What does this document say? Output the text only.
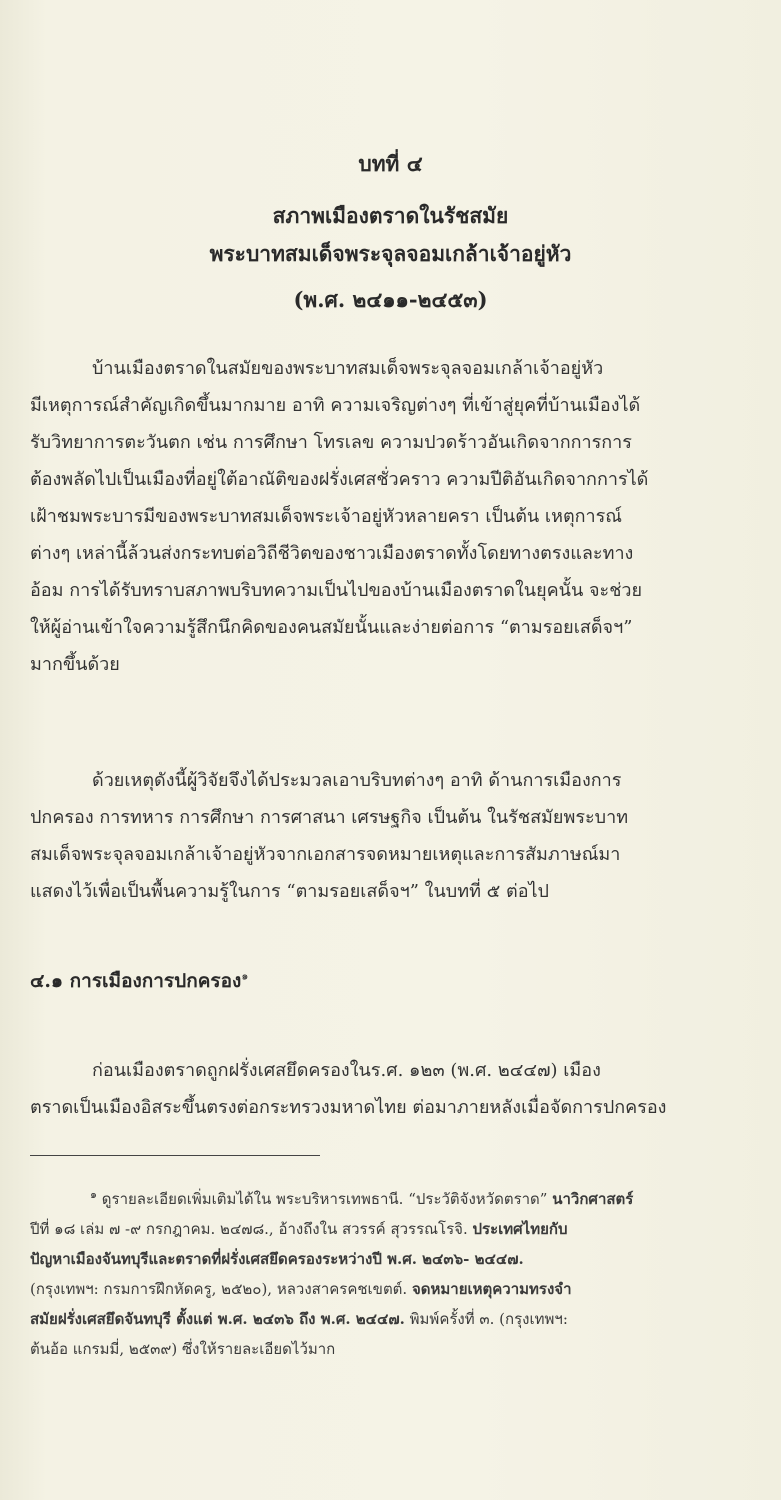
บทที่ ๔
สภาพเมืองตราดในรัชสมัย
พระบาทสมเด็จพระจุลจอมเกล้าเจ้าอยู่หัว
(พ.ศ. ๒๔๑๑-๒๔๕๓)
บ้านเมืองตราดในสมัยของพระบาทสมเด็จพระจุลจอมเกล้าเจ้าอยู่หัว
มีเหตุการณ์สำคัญเกิดขึ้นมากมาย อาทิ ความเจริญต่างๆ ที่เข้าสู่ยุคที่บ้านเมืองได้
รับวิทยาการตะวันตก เช่น การศึกษา โทรเลข ความปวดร้าวอันเกิดจากการการ
ต้องพลัดไปเป็นเมืองที่อยู่ใต้อาณัติของฝรั่งเศสชั่วคราว ความปีติอันเกิดจากการได้
เฝ้าชมพระบารมีของพระบาทสมเด็จพระเจ้าอยู่หัวหลายครา เป็นต้น เหตุการณ์
ต่างๆ เหล่านี้ล้วนส่งกระทบต่อวิถีชีวิตของชาวเมืองตราดทั้งโดยทางตรงและทาง
อ้อม การได้รับทราบสภาพบริบทความเป็นไปของบ้านเมืองตราดในยุคนั้น จะช่วย
ให้ผู้อ่านเข้าใจความรู้สึกนึกคิดของคนสมัยนั้นและง่ายต่อการ “ตามรอยเสด็จฯ”
มากขึ้นด้วย
ด้วยเหตุดังนี้ผู้วิจัยจึงได้ประมวลเอาบริบทต่างๆ อาทิ ด้านการเมืองการ
ปกครอง การทหาร การศึกษา การศาสนา เศรษฐกิจ เป็นต้น ในรัชสมัยพระบาท
สมเด็จพระจุลจอมเกล้าเจ้าอยู่หัวจากเอกสารจดหมายเหตุและการสัมภาษณ์มา
แสดงไว้เพื่อเป็นพื้นความรู้ในการ “ตามรอยเสด็จฯ” ในบทที่ ๕ ต่อไป
๔.๑ การเมืองการปกครอง$^๑$
ก่อนเมืองตราดถูกฝรั่งเศสยึดครองในร.ศ. ๑๒๓ (พ.ศ. ๒๔๔๗) เมือง
ตราดเป็นเมืองอิสระขึ้นตรงต่อกระทรวงมหาดไทย ต่อมาภายหลังเมื่อจัดการปกครอง
$^๑$ ดูรายละเอียดเพิ่มเติมได้ใน พระบริหารเทพธานี. “ประวัติจังหวัดตราด” นาวิกศาสตร์
ปีที่ ๑๘ เล่ม ๗ -๙ กรกฎาคม. ๒๔๗๘., อ้างถึงใน สวรรค์ สุวรรณโรจิ. ประเทศไทยกับ
ปัญหาเมืองจันทบุรีและตราดที่ฝรั่งเศสยึดครองระหว่างปี พ.ศ. ๒๔๓๖- ๒๔๔๗.
(กรุงเทพฯ: กรมการฝึกหัดครู, ๒๕๒๐), หลวงสาครคชเขตต์. จดหมายเหตุความทรงจำ
สมัยฝรั่งเศสยึดจันทบุรี ตั้งแต่ พ.ศ. ๒๔๓๖ ถึง พ.ศ. ๒๔๔๗. พิมพ์ครั้งที่ ๓. (กรุงเทพฯ:
ต้นอ้อ แกรมมี่, ๒๕๓๙) ซึ่งให้รายละเอียดไว้มาก
